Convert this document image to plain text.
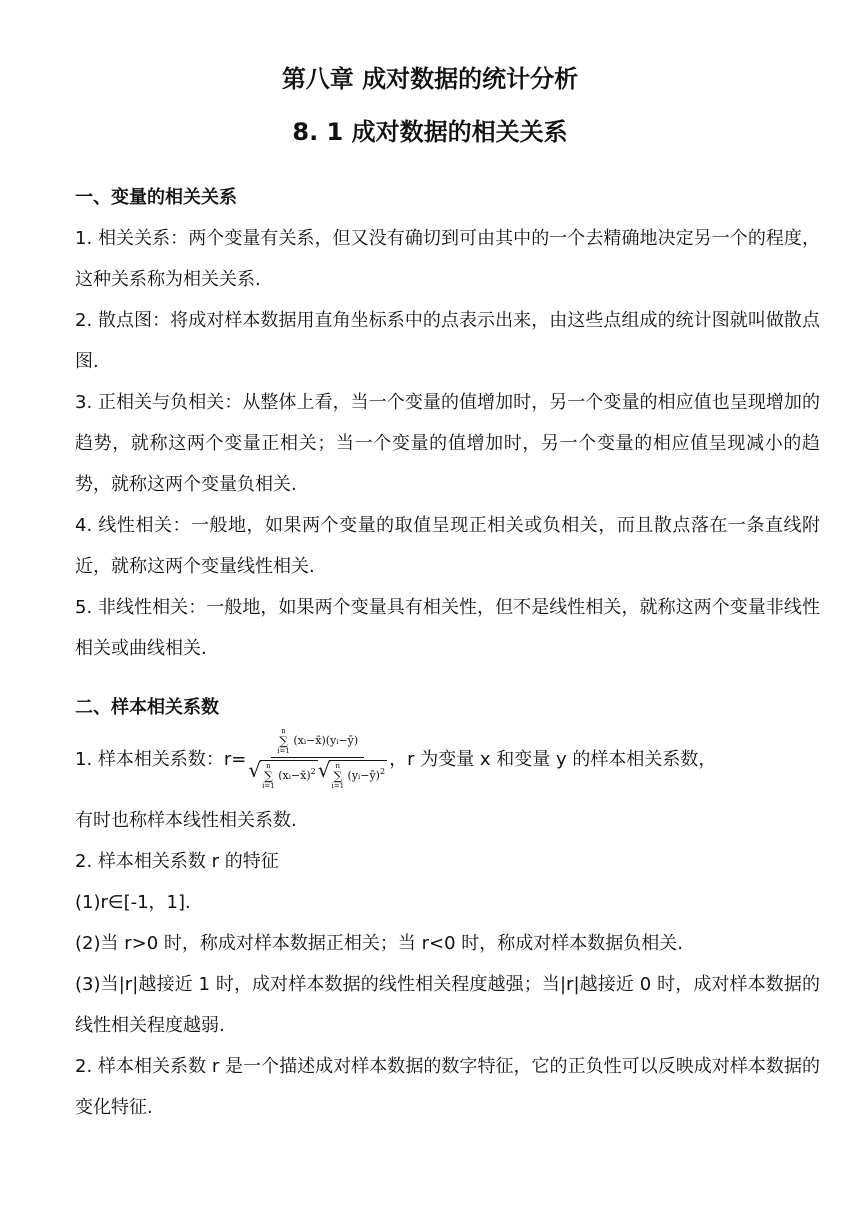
第八章 成对数据的统计分析
8. 1 成对数据的相关关系
一、变量的相关关系

1. 相关关系：两个变量有关系，但又没有确切到可由其中的一个去精确地决定另一个的程度，这种关系称为相关关系.

2. 散点图：将成对样本数据用直角坐标系中的点表示出来，由这些点组成的统计图就叫做散点图.

3. 正相关与负相关：从整体上看，当一个变量的值增加时，另一个变量的相应值也呈现增加的趋势，就称这两个变量正相关；当一个变量的值增加时，另一个变量的相应值呈现减小的趋势，就称这两个变量负相关.

4. 线性相关：一般地，如果两个变量的取值呈现正相关或负相关，而且散点落在一条直线附近，就称这两个变量线性相关.

5. 非线性相关：一般地，如果两个变量具有相关性，但不是线性相关，就称这两个变量非线性相关或曲线相关.

二、样本相关系数
1. 样本相关系数：r= n
∑
i=1
(xᵢ−x̄)(yᵢ−ȳ)
√ n
∑
i=1
(xᵢ−x̄)$^2$ √ n
∑
i=1
(yᵢ−ȳ)$^2$ ，r 为变量 x 和变量 y 的样本相关系数，
有时也称样本线性相关系数.
2. 样本相关系数 r 的特征
(1)r∈[-1，1].
(2)当 r>0 时，称成对样本数据正相关；当 r<0 时，称成对样本数据负相关.

(3)当|r|越接近 1 时，成对样本数据的线性相关程度越强；当|r|越接近 0 时，成对样本数据的线性相关程度越弱.

2. 样本相关系数 r 是一个描述成对样本数据的数字特征，它的正负性可以反映成对样本数据的变化特征.
